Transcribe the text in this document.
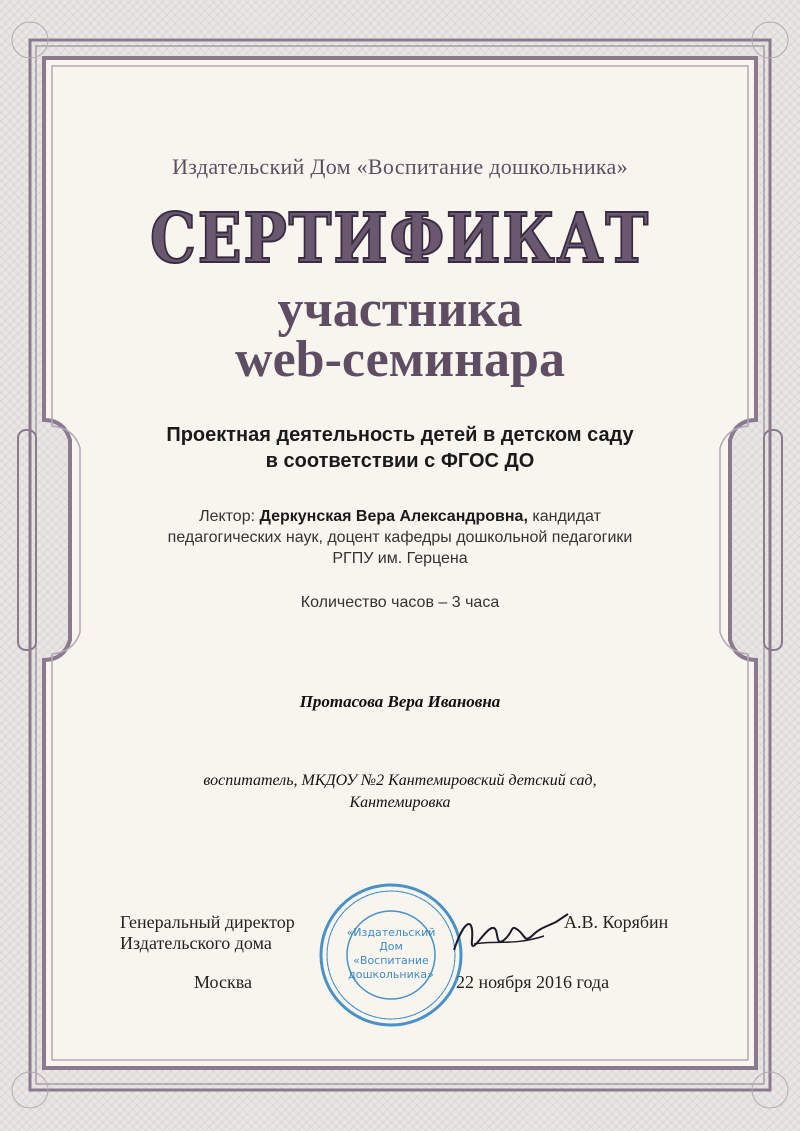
Издательский Дом «Воспитание дошкольника»
СЕРТИФИКАТ
участника
web-семинара
Проектная деятельность детей в детском саду
в соответствии с ФГОС ДО
Лектор: Деркунская Вера Александровна, кандидат
педагогических наук, доцент кафедры дошкольной педагогики
РГПУ им. Герцена
Количество часов – 3 часа
Протасова Вера Ивановна
воспитатель, МКДОУ №2 Кантемировский детский сад,
Кантемировка
Генеральный директор
Издательского дома
А.В. Корябин
Москва	22 ноября 2016 года
«Издательский
Дом
«Воспитание
дошкольника»
